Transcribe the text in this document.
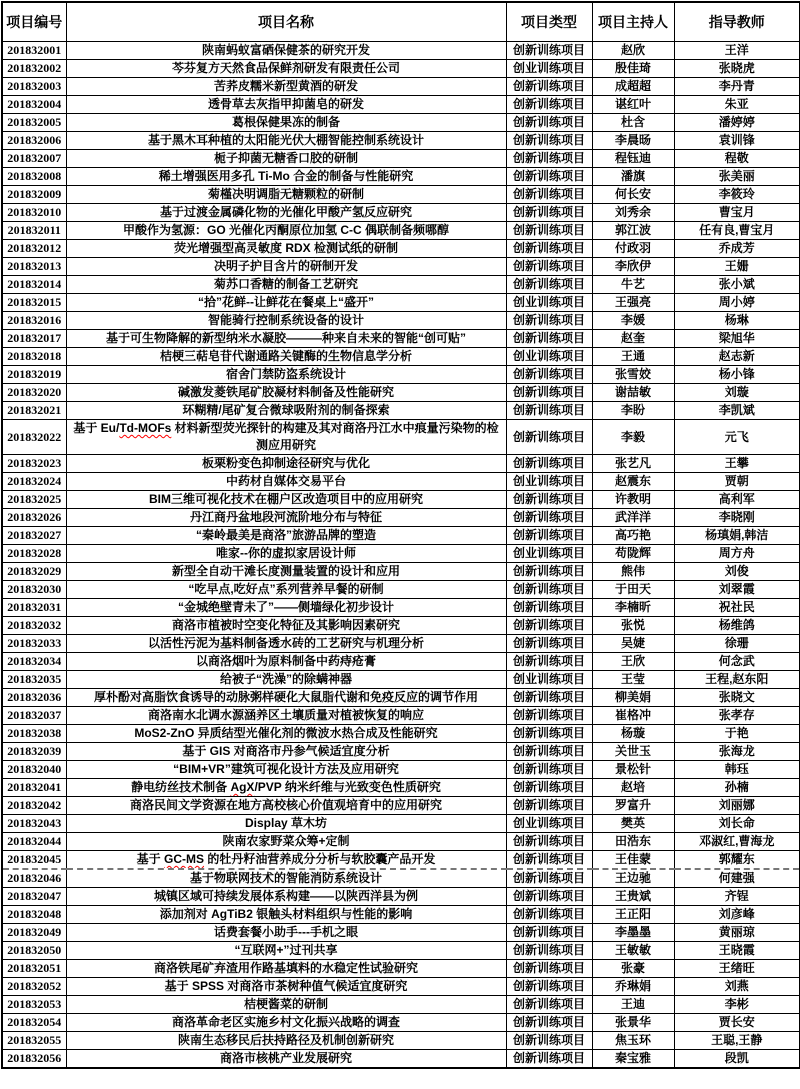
项目编号	项目名称	项目类型	项目主持人	指导教师
201832001	陕南蚂蚁富硒保健茶的研究开发	创新训练项目	赵欣	王洋
201832002	芩芬复方天然食品保鲜剂研发有限责任公司	创业训练项目	殷佳琦	张晓虎
201832003	苦荞皮糯米新型黄酒的研发	创新训练项目	成超超	李丹青
201832004	透骨草去灰指甲抑菌皂的研发	创新训练项目	谌红叶	朱亚
201832005	葛根保健果冻的制备	创新训练项目	杜含	潘婷婷
201832006	基于黑木耳种植的太阳能光伏大棚智能控制系统设计	创新训练项目	李晨旸	袁训锋
201832007	栀子抑菌无糖香口胶的研制	创新训练项目	程钰迪	程敬
201832008	稀土增强医用多孔 Ti-Mo 合金的制备与性能研究	创新训练项目	潘旗	张美丽
201832009	菊槿决明调脂无糖颗粒的研制	创新训练项目	何长安	李筱玲
201832010	基于过渡金属磷化物的光催化甲酸产氢反应研究	创新训练项目	刘秀余	曹宝月
201832011	甲酸作为氢源：GO 光催化丙酮原位加氢 C-C 偶联制备频哪醇	创新训练项目	郭江波	任有良,曹宝月
201832012	荧光增强型高灵敏度 RDX 检测试纸的研制	创新训练项目	付政羽	乔成芳
201832013	决明子护目含片的研制开发	创新训练项目	李欣伊	王姗
201832014	菊苏口香糖的制备工艺研究	创新训练项目	牛艺	张小斌
201832015	“拾”花鲜--让鲜花在餐桌上“盛开”	创业训练项目	王强亮	周小婷
201832016	智能骑行控制系统设备的设计	创新训练项目	李媛	杨琳
201832017	基于可生物降解的新型纳米水凝胶———种来自未来的智能“创可贴”	创新训练项目	赵奎	梁旭华
201832018	桔梗三萜皂苷代谢通路关键酶的生物信息学分析	创业训练项目	王通	赵志新
201832019	宿舍门禁防盗系统设计	创新训练项目	张雪姣	杨小锋
201832020	碱激发菱铁尾矿胶凝材料制备及性能研究	创新训练项目	谢喆敏	刘璇
201832021	环糊精/尾矿复合微球吸附剂的制备探索	创新训练项目	李盼	李凯斌
201832022	基于 Eu/Td-MOFs 材料新型荧光探针的构建及其对商洛丹江水中痕量污染物的检测应用研究	创新训练项目	李毅	元飞
201832023	板栗粉变色抑制途径研究与优化	创新训练项目	张艺凡	王攀
201832024	中药材自媒体交易平台	创业训练项目	赵震东	贾朝
201832025	BIM三维可视化技术在棚户区改造项目中的应用研究	创新训练项目	许教明	高利军
201832026	丹江商丹盆地段河流阶地分布与特征	创新训练项目	武洋洋	李晓刚
201832027	“秦岭最美是商洛”旅游品牌的塑造	创新训练项目	高巧艳	杨瑱娟,韩洁
201832028	唯家--你的虚拟家居设计师	创业训练项目	苟陇辉	周方舟
201832029	新型全自动干滩长度测量装置的设计和应用	创新训练项目	熊伟	刘俊
201832030	“吃早点,吃好点”系列营养早餐的研制	创新训练项目	于田天	刘翠霞
201832031	“金城绝壁青未了”——侧墙绿化初步设计	创新训练项目	李楠昕	祝社民
201832032	商洛市植被时空变化特征及其影响因素研究	创新训练项目	张悦	杨维鸽
201832033	以活性污泥为基料制备透水砖的工艺研究与机理分析	创新训练项目	吴婕	徐珊
201832034	以商洛烟叶为原料制备中药痔疮膏	创新训练项目	王欣	何念武
201832035	给被子“洗澡”的除螨神器	创业训练项目	王莹	王程,赵东阳
201832036	厚朴酚对高脂饮食诱导的动脉粥样硬化大鼠脂代谢和免疫反应的调节作用	创新训练项目	柳美娟	张晓文
201832037	商洛南水北调水源涵养区土壤质量对植被恢复的响应	创新训练项目	崔格冲	张孝存
201832038	MoS2-ZnO 异质结型光催化剂的微波水热合成及性能研究	创新训练项目	杨璇	于艳
201832039	基于 GIS 对商洛市丹参气候适宜度分析	创新训练项目	关世玉	张海龙
201832040	“BIM+VR”建筑可视化设计方法及应用研究	创新训练项目	景松针	韩珏
201832041	静电纺丝技术制备 AgX/PVP 纳米纤维与光致变色性质研究	创新训练项目	赵培	孙楠
201832042	商洛民间文学资源在地方高校核心价值观培育中的应用研究	创新训练项目	罗富升	刘丽娜
201832043	Display 草木坊	创业训练项目	樊英	刘长命
201832044	陕南农家野菜众筹+定制	创新训练项目	田浩东	邓淑红,曹海龙
201832045	基于 GC-MS 的牡丹籽油营养成分分析与软胶囊产品开发	创新训练项目	王佳蒙	郭耀东
201832046	基于物联网技术的智能消防系统设计	创新训练项目	王边驰	何建强
201832047	城镇区域可持续发展体系构建——以陕西洋县为例	创新训练项目	王贵斌	齐锃
201832048	添加剂对 AgTiB2 银触头材料组织与性能的影响	创新训练项目	王正阳	刘彦峰
201832049	话费套餐小助手---手机之眼	创新训练项目	李墨墨	黄丽琼
201832050	“互联网+”过刊共享	创新训练项目	王敏敏	王晓霞
201832051	商洛铁尾矿弃渣用作路基填料的水稳定性试验研究	创新训练项目	张豪	王绪旺
201832052	基于 SPSS 对商洛市茶树种值气候适宜度研究	创新训练项目	乔琳娟	刘燕
201832053	桔梗酱菜的研制	创新训练项目	王迪	李彬
201832054	商洛革命老区实施乡村文化振兴战略的调查	创新训练项目	张景华	贾长安
201832055	陕南生态移民后扶持路径及机制创新研究	创新训练项目	焦玉环	王聪,王静
201832056	商洛市核桃产业发展研究	创新训练项目	秦宝雅	段凯
